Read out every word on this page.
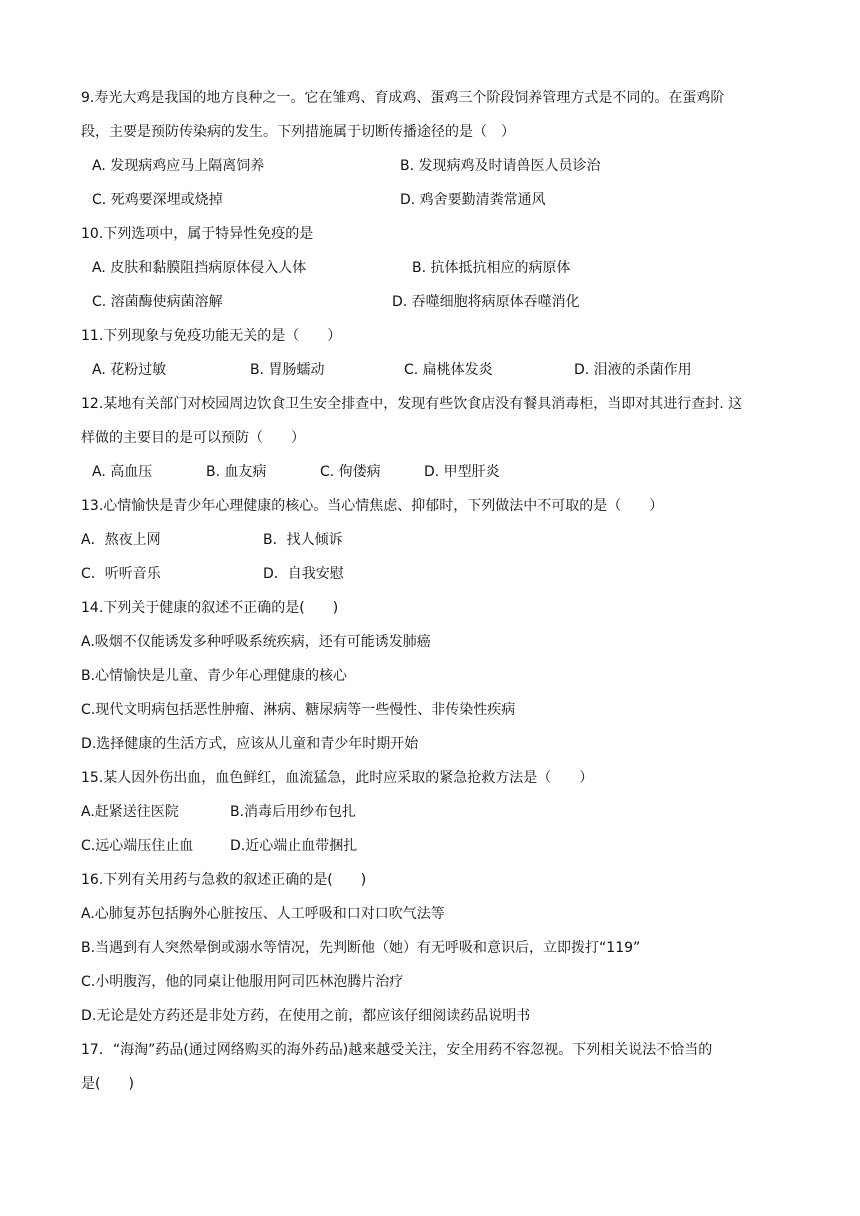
9.寿光大鸡是我国的地方良种之一。它在雏鸡、育成鸡、蛋鸡三个阶段饲养管理方式是不同的。在蛋鸡阶
段，主要是预防传染病的发生。下列措施属于切断传播途径的是（　）
A. 发现病鸡应马上隔离饲养	B. 发现病鸡及时请兽医人员诊治
C. 死鸡要深埋或烧掉	D. 鸡舍要勤清粪常通风
10.下列选项中，属于特异性免疫的是
A. 皮肤和黏膜阻挡病原体侵入人体	B. 抗体抵抗相应的病原体
C. 溶菌酶使病菌溶解	D. 吞噬细胞将病原体吞噬消化
11.下列现象与免疫功能无关的是（　　）
A. 花粉过敏	B. 胃肠蠕动	C. 扁桃体发炎	D. 泪液的杀菌作用
12.某地有关部门对校园周边饮食卫生安全排查中，发现有些饮食店没有餐具消毒柜，当即对其进行查封. 这
样做的主要目的是可以预防（　　）
A. 高血压	B. 血友病	C. 佝偻病	D. 甲型肝炎
13.心情愉快是青少年心理健康的核心。当心情焦虑、抑郁时，下列做法中不可取的是（　　）
A．熬夜上网	B．找人倾诉
C．听听音乐	D．自我安慰
14.下列关于健康的叙述不正确的是(　　)
A.吸烟不仅能诱发多种呼吸系统疾病，还有可能诱发肺癌
B.心情愉快是儿童、青少年心理健康的核心
C.现代文明病包括恶性肿瘤、淋病、糖尿病等一些慢性、非传染性疾病
D.选择健康的生活方式，应该从儿童和青少年时期开始
15.某人因外伤出血，血色鲜红，血流猛急，此时应采取的紧急抢救方法是（　　）
A.赶紧送往医院	B.消毒后用纱布包扎
C.远心端压住止血	D.近心端止血带捆扎
16.下列有关用药与急救的叙述正确的是(　　)
A.心肺复苏包括胸外心脏按压、人工呼吸和口对口吹气法等
B.当遇到有人突然晕倒或溺水等情况，先判断他（她）有无呼吸和意识后，立即拨打“119”
C.小明腹泻，他的同桌让他服用阿司匹林泡腾片治疗
D.无论是处方药还是非处方药，在使用之前，都应该仔细阅读药品说明书
17．“海淘”药品(通过网络购买的海外药品)越来越受关注，安全用药不容忽视。下列相关说法不恰当的
是(　　)
